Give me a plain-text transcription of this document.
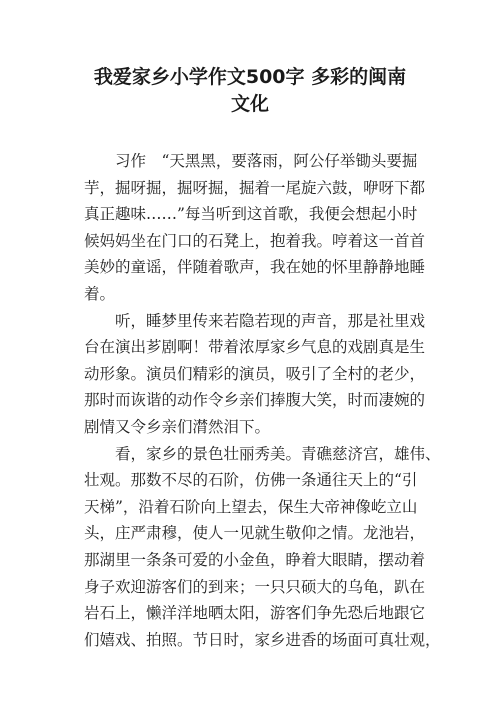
我爱家乡小学作文500字 多彩的闽南
文化
　　习作　“天黑黑，要落雨，阿公仔举锄头要掘
芋，掘呀掘，掘呀掘，掘着一尾旋六鼓，咿呀下都
真正趣味……”每当听到这首歌，我便会想起小时
候妈妈坐在门口的石凳上，抱着我。哼着这一首首
美妙的童谣，伴随着歌声，我在她的怀里静静地睡
着。
　　听，睡梦里传来若隐若现的声音，那是社里戏
台在演出芗剧啊！带着浓厚家乡气息的戏剧真是生
动形象。演员们精彩的演员，吸引了全村的老少，
那时而诙谐的动作令乡亲们捧腹大笑，时而凄婉的
剧情又令乡亲们潸然泪下。
　　看，家乡的景色壮丽秀美。青礁慈济宫，雄伟、
壮观。那数不尽的石阶，仿佛一条通往天上的“引
天梯”，沿着石阶向上望去，保生大帝神像屹立山
头，庄严肃穆，使人一见就生敬仰之情。龙池岩，
那湖里一条条可爱的小金鱼，睁着大眼睛，摆动着
身子欢迎游客们的到来；一只只硕大的乌龟，趴在
岩石上，懒洋洋地晒太阳，游客们争先恐后地跟它
们嬉戏、拍照。节日时，家乡进香的场面可真壮观，
